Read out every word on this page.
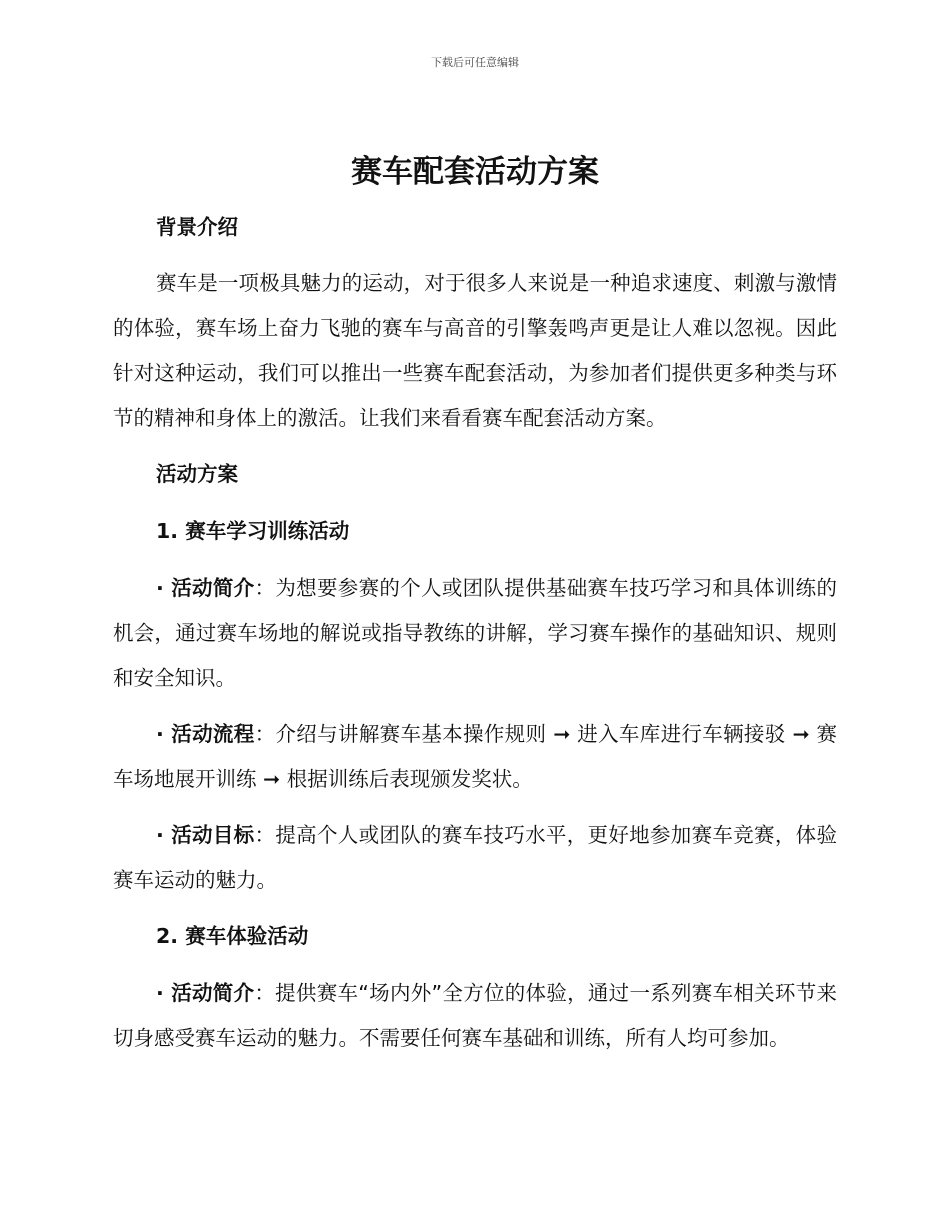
下载后可任意编辑
赛车配套活动方案

背景介绍

赛车是一项极具魅力的运动，对于很多人来说是一种追求速度、刺激与激情的体验，赛车场上奋力飞驰的赛车与高音的引擎轰鸣声更是让人难以忽视。因此针对这种运动，我们可以推出一些赛车配套活动，为参加者们提供更多种类与环节的精神和身体上的激活。让我们来看看赛车配套活动方案。

活动方案

1. 赛车学习训练活动

· 活动简介：为想要参赛的个人或团队提供基础赛车技巧学习和具体训练的机会，通过赛车场地的解说或指导教练的讲解，学习赛车操作的基础知识、规则和安全知识。

· 活动流程：介绍与讲解赛车基本操作规则 ➞ 进入车库进行车辆接驳 ➞ 赛车场地展开训练 ➞ 根据训练后表现颁发奖状。

· 活动目标：提高个人或团队的赛车技巧水平，更好地参加赛车竞赛，体验赛车运动的魅力。

2. 赛车体验活动

· 活动简介：提供赛车“场内外”全方位的体验，通过一系列赛车相关环节来切身感受赛车运动的魅力。不需要任何赛车基础和训练，所有人均可参加。
